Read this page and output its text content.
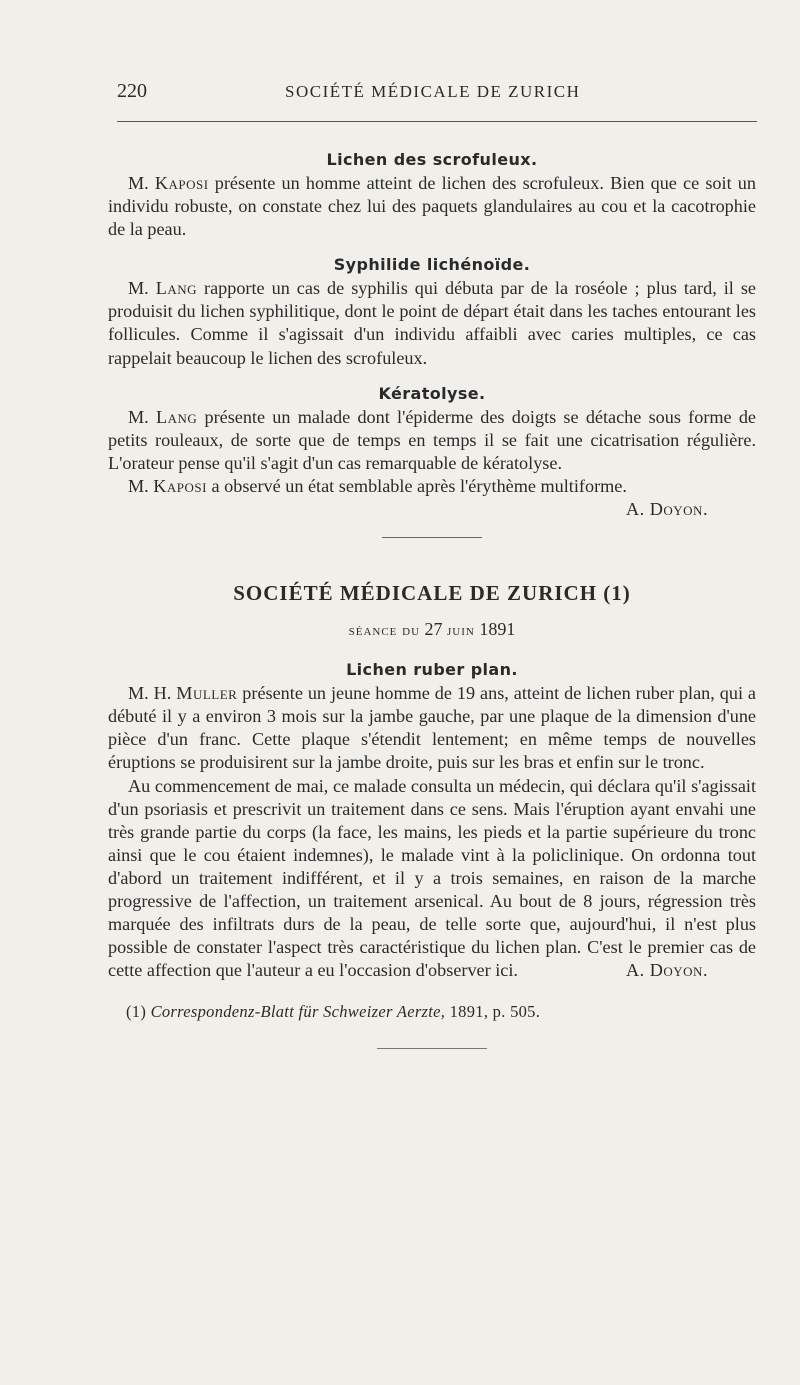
220	SOCIÉTÉ MÉDICALE DE ZURICH
Lichen des scrofuleux.

M. Kaposi présente un homme atteint de lichen des scrofuleux. Bien que ce soit un individu robuste, on constate chez lui des paquets glandulaires au cou et la cacotrophie de la peau.

Syphilide lichénoïde.

M. Lang rapporte un cas de syphilis qui débuta par de la roséole ; plus tard, il se produisit du lichen syphilitique, dont le point de départ était dans les taches entourant les follicules. Comme il s'agissait d'un individu affaibli avec caries multiples, ce cas rappelait beaucoup le lichen des scrofuleux.

Kératolyse.

M. Lang présente un malade dont l'épiderme des doigts se détache sous forme de petits rouleaux, de sorte que de temps en temps il se fait une cicatrisation régulière. L'orateur pense qu'il s'agit d'un cas remarquable de kératolyse.

M. Kaposi a observé un état semblable après l'érythème multiforme.

A. Doyon.

SOCIÉTÉ MÉDICALE DE ZURICH (1)

séance du 27 juin 1891

Lichen ruber plan.

M. H. Muller présente un jeune homme de 19 ans, atteint de lichen ruber plan, qui a débuté il y a environ 3 mois sur la jambe gauche, par une plaque de la dimension d'une pièce d'un franc. Cette plaque s'étendit lentement; en même temps de nouvelles éruptions se produisirent sur la jambe droite, puis sur les bras et enfin sur le tronc.

Au commencement de mai, ce malade consulta un médecin, qui déclara qu'il s'agissait d'un psoriasis et prescrivit un traitement dans ce sens. Mais l'éruption ayant envahi une très grande partie du corps (la face, les mains, les pieds et la partie supérieure du tronc ainsi que le cou étaient indemnes), le malade vint à la policlinique. On ordonna tout d'abord un traitement indifférent, et il y a trois semaines, en raison de la marche progressive de l'affection, un traitement arsenical. Au bout de 8 jours, régression très marquée des infiltrats durs de la peau, de telle sorte que, aujourd'hui, il n'est plus possible de constater l'aspect très caractéristique du lichen plan. C'est le premier cas de cette affection que l'auteur a eu l'occasion d'observer ici.	A. Doyon.

(1) Correspondenz-Blatt für Schweizer Aerzte, 1891, p. 505.
